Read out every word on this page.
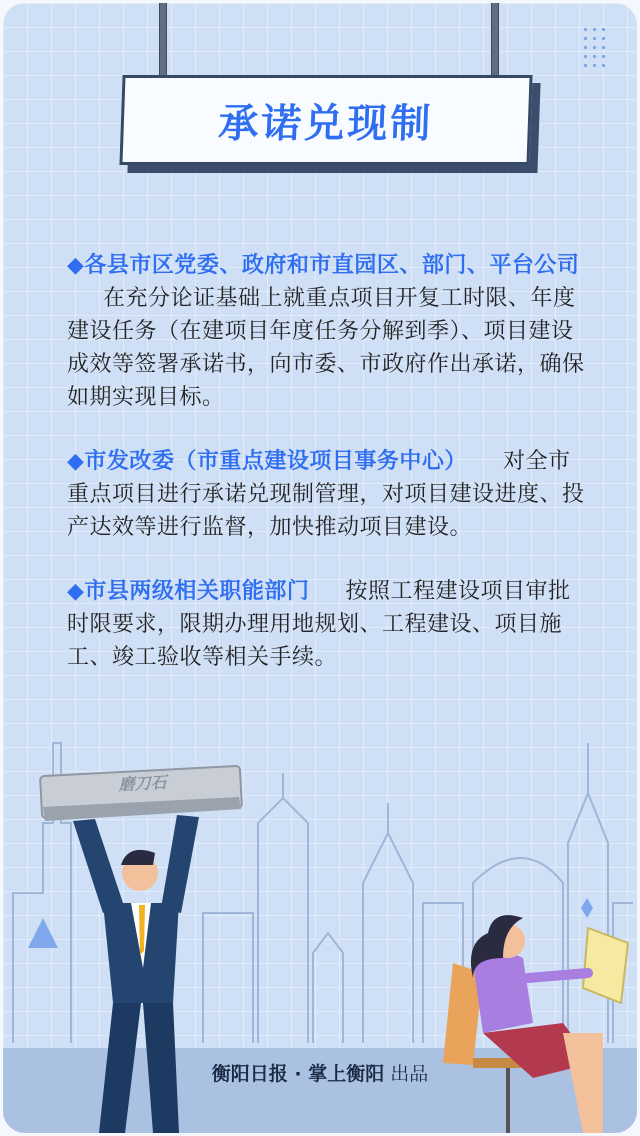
承诺兑现制

◆各县市区党委、政府和市直园区、部门、平台公司在充分论证基础上就重点项目开复工时限、年度建设任务（在建项目年度任务分解到季）、项目建设成效等签署承诺书，向市委、市政府作出承诺，确保如期实现目标。

◆市发改委（市重点建设项目事务中心） 对全市重点项目进行承诺兑现制管理，对项目建设进度、投产达效等进行监督，加快推动项目建设。

◆市县两级相关职能部门 按照工程建设项目审批时限要求，限期办理用地规划、工程建设、项目施工、竣工验收等相关手续。

磨刀石
衡阳日报 · 掌上衡阳 出品
